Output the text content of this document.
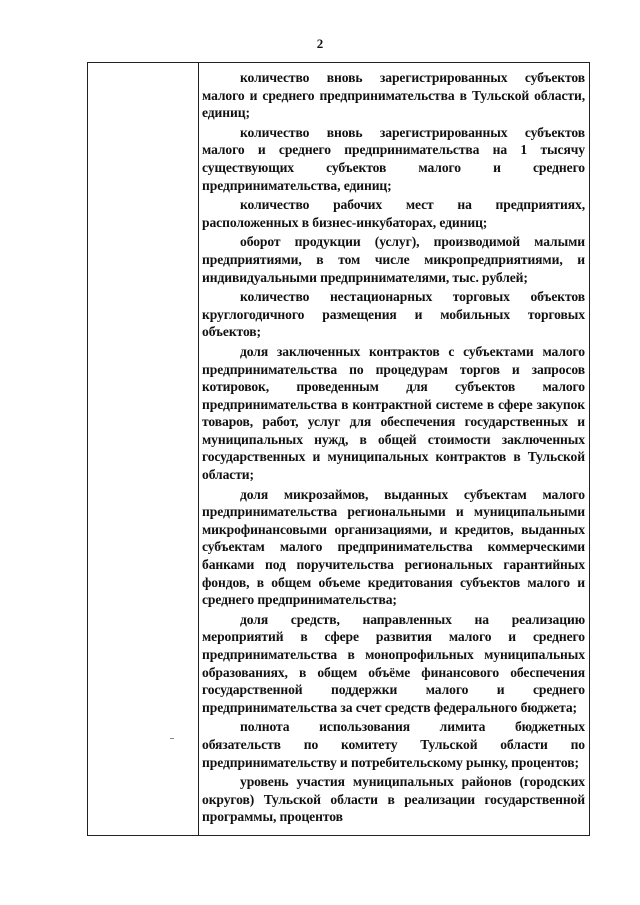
2

количество вновь зарегистрированных субъектов малого и среднего предпринимательства в Тульской области, единиц;

количество вновь зарегистрированных субъектов малого и среднего предпринимательства на 1 тысячу существующих субъектов малого и среднего предпринимательства, единиц;

количество рабочих мест на предприятиях, расположенных в бизнес-инкубаторах, единиц;

оборот продукции (услуг), производимой малыми предприятиями, в том числе микропредприятиями, и индивидуальными предпринимателями, тыс. рублей;

количество нестационарных торговых объектов круглогодичного размещения и мобильных торговых объектов;

доля заключенных контрактов с субъектами малого предпринимательства по процедурам торгов и запросов котировок, проведенным для субъектов малого предпринимательства в контрактной системе в сфере закупок товаров, работ, услуг для обеспечения государственных и муниципальных нужд, в общей стоимости заключенных государственных и муниципальных контрактов в Тульской области;

доля микрозаймов, выданных субъектам малого предпринимательства региональными и муниципальными микрофинансовыми организациями, и кредитов, выданных субъектам малого предпринимательства коммерческими банками под поручительства региональных гарантийных фондов, в общем объеме кредитования субъектов малого и среднего предпринимательства;

доля средств, направленных на реализацию мероприятий в сфере развития малого и среднего предпринимательства в монопрофильных муниципальных образованиях, в общем объёме финансового обеспечения государственной поддержки малого и среднего предпринимательства за счет средств федерального бюджета;

полнота использования лимита бюджетных обязательств по комитету Тульской области по предпринимательству и потребительскому рынку, процентов;

уровень участия муниципальных районов (городских округов) Тульской области в реализации государственной программы, процентов
